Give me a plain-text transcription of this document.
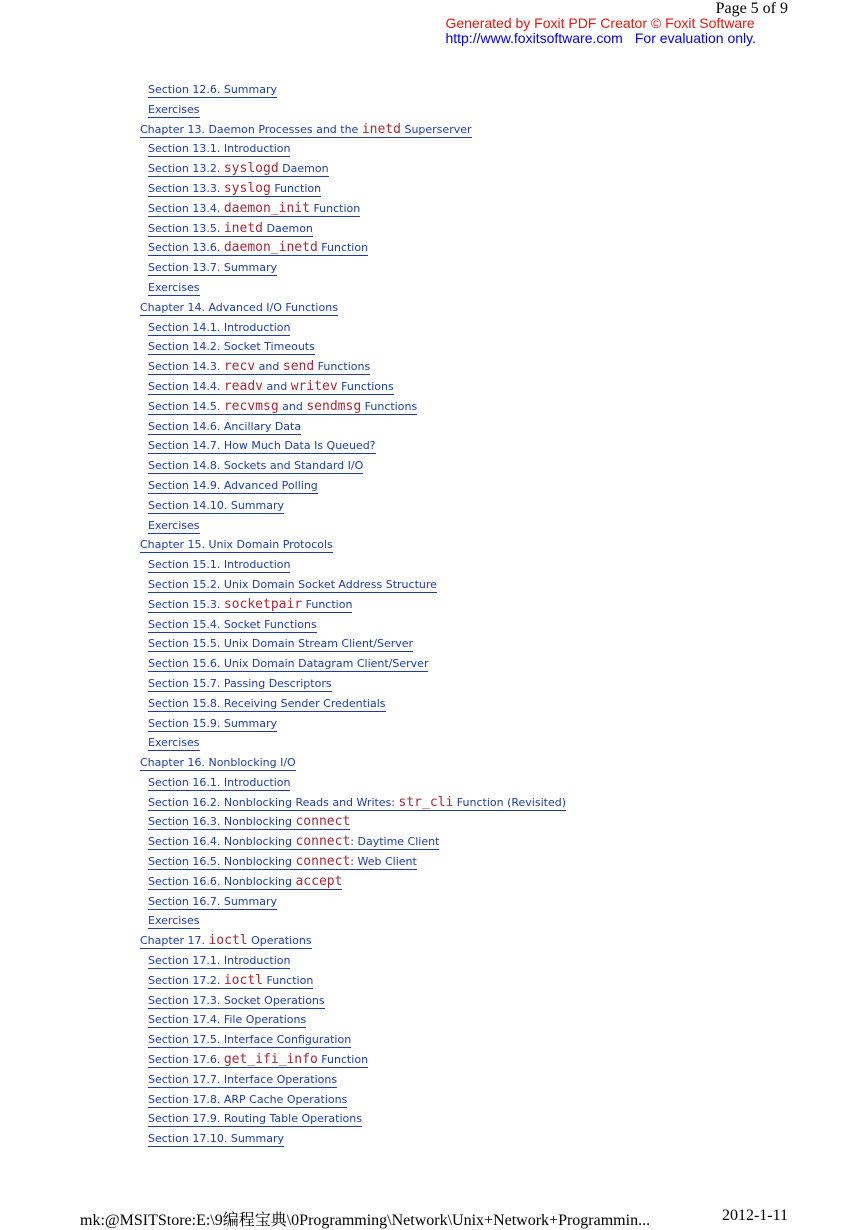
Page 5 of 9
Generated by Foxit PDF Creator © Foxit Software
http://www.foxitsoftware.com For evaluation only.
Section 12.6. Summary
Exercises
Chapter 13. Daemon Processes and the inetd Superserver
Section 13.1. Introduction
Section 13.2. syslogd Daemon
Section 13.3. syslog Function
Section 13.4. daemon_init Function
Section 13.5. inetd Daemon
Section 13.6. daemon_inetd Function
Section 13.7. Summary
Exercises
Chapter 14. Advanced I/O Functions
Section 14.1. Introduction
Section 14.2. Socket Timeouts
Section 14.3. recv and send Functions
Section 14.4. readv and writev Functions
Section 14.5. recvmsg and sendmsg Functions
Section 14.6. Ancillary Data
Section 14.7. How Much Data Is Queued?
Section 14.8. Sockets and Standard I/O
Section 14.9. Advanced Polling
Section 14.10. Summary
Exercises
Chapter 15. Unix Domain Protocols
Section 15.1. Introduction
Section 15.2. Unix Domain Socket Address Structure
Section 15.3. socketpair Function
Section 15.4. Socket Functions
Section 15.5. Unix Domain Stream Client/Server
Section 15.6. Unix Domain Datagram Client/Server
Section 15.7. Passing Descriptors
Section 15.8. Receiving Sender Credentials
Section 15.9. Summary
Exercises
Chapter 16. Nonblocking I/O
Section 16.1. Introduction
Section 16.2. Nonblocking Reads and Writes: str_cli Function (Revisited)
Section 16.3. Nonblocking connect
Section 16.4. Nonblocking connect: Daytime Client
Section 16.5. Nonblocking connect: Web Client
Section 16.6. Nonblocking accept
Section 16.7. Summary
Exercises
Chapter 17. ioctl Operations
Section 17.1. Introduction
Section 17.2. ioctl Function
Section 17.3. Socket Operations
Section 17.4. File Operations
Section 17.5. Interface Configuration
Section 17.6. get_ifi_info Function
Section 17.7. Interface Operations
Section 17.8. ARP Cache Operations
Section 17.9. Routing Table Operations
Section 17.10. Summary
mk:@MSITStore:E:\9编程宝典\0Programming\Network\Unix+Network+Programmin...	2012-1-11
